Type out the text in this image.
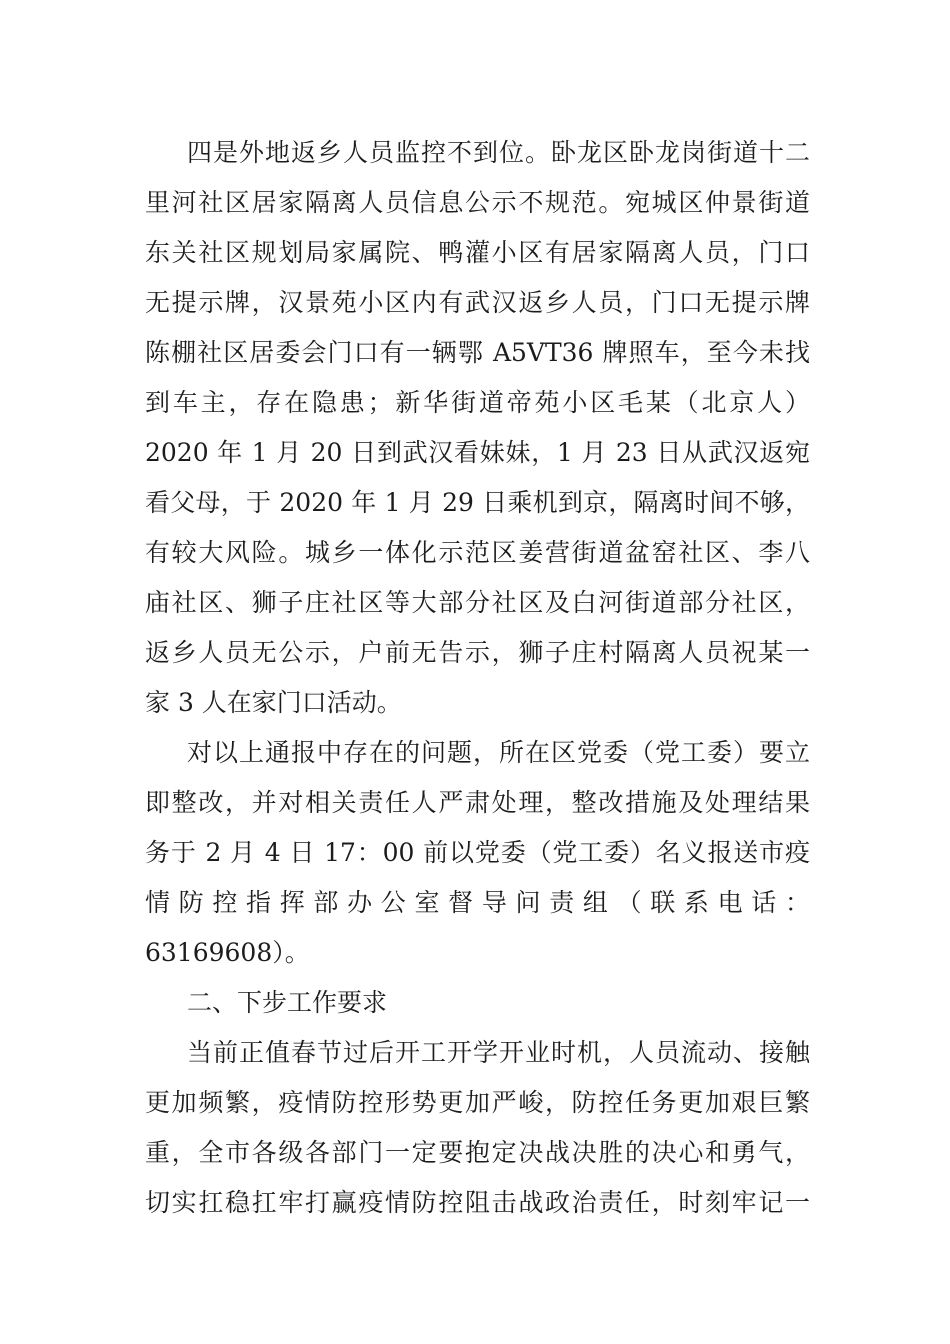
四是外地返乡人员监控不到位。卧龙区卧龙岗街道十二
里河社区居家隔离人员信息公示不规范。宛城区仲景街道
东关社区规划局家属院、鸭灌小区有居家隔离人员，门口
无提示牌，汉景苑小区内有武汉返乡人员，门口无提示牌
陈棚社区居委会门口有一辆鄂 A5VT36 牌照车，至今未找
到车主，存在隐患；新华街道帝苑小区毛某（北京人）
2020 年 1 月 20 日到武汉看妹妹，1 月 23 日从武汉返宛
看父母，于 2020 年 1 月 29 日乘机到京，隔离时间不够，
有较大风险。城乡一体化示范区姜营街道盆窑社区、李八
庙社区、狮子庄社区等大部分社区及白河街道部分社区，
返乡人员无公示，户前无告示，狮子庄村隔离人员祝某一
家 3 人在家门口活动。
对以上通报中存在的问题，所在区党委（党工委）要立
即整改，并对相关责任人严肃处理，整改措施及处理结果
务于 2 月 4 日 17：00 前以党委（党工委）名义报送市疫
情防控指挥部办公室督导问责组（联系电话：
63169608）。
二、下步工作要求
当前正值春节过后开工开学开业时机，人员流动、接触
更加频繁，疫情防控形势更加严峻，防控任务更加艰巨繁
重，全市各级各部门一定要抱定决战决胜的决心和勇气，
切实扛稳扛牢打赢疫情防控阻击战政治责任，时刻牢记一
